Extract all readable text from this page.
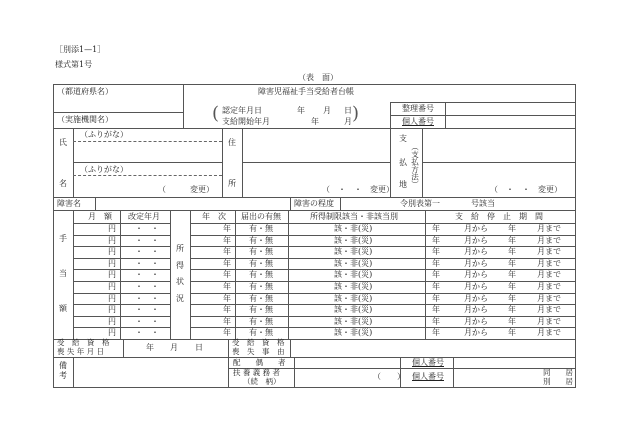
［別添1—1］
様式第1号
（表　面）
（都道府県名）
（実施機関名）
障害児福祉手当受給者台帳
( 認定年月日	年 月 日
支給開始年月	年	月 )	整理番号
個人番号
氏
名
（ふりがな）
（ふりがな）
（　　　変更）
住
所
（　・　・　変更）
支
払
地 （支払方法）
（　・　・　変更）
障害名	障害の程度	令別表第一	号該当
手
当
額
所
得
状
況
月　額 改定年月	年　次 届出の有無	所得制限該当・非該当別	支　給　停　止　期　間
円 ・　・	年 有・無	該・非(災)	年	月から	年	月まで
円 ・　・	年 有・無	該・非(災)	年	月から	年	月まで
円 ・　・	年 有・無	該・非(災)	年	月から	年	月まで
円 ・　・	年 有・無	該・非(災)	年	月から	年	月まで
円 ・　・	年 有・無	該・非(災)	年	月から	年	月まで
円 ・　・	年 有・無	該・非(災)	年	月から	年	月まで
円 ・　・	年 有・無	該・非(災)	年	月から	年	月まで
円 ・　・	年 有・無	該・非(災)	年	月から	年	月まで
円 ・　・	年 有・無	該・非(災)	年	月から	年	月まで
円 ・　・	年 有・無	該・非(災)	年	月から	年	月まで
受　給　資　格
喪 失 年 月 日	年 月 日
受　給　資　格
喪　失　事　由
備
考
配　　偶　　者
扶 養 義 務 者
（続　柄）
（　　）
個人番号
個人番号	同　　居
別　　居
